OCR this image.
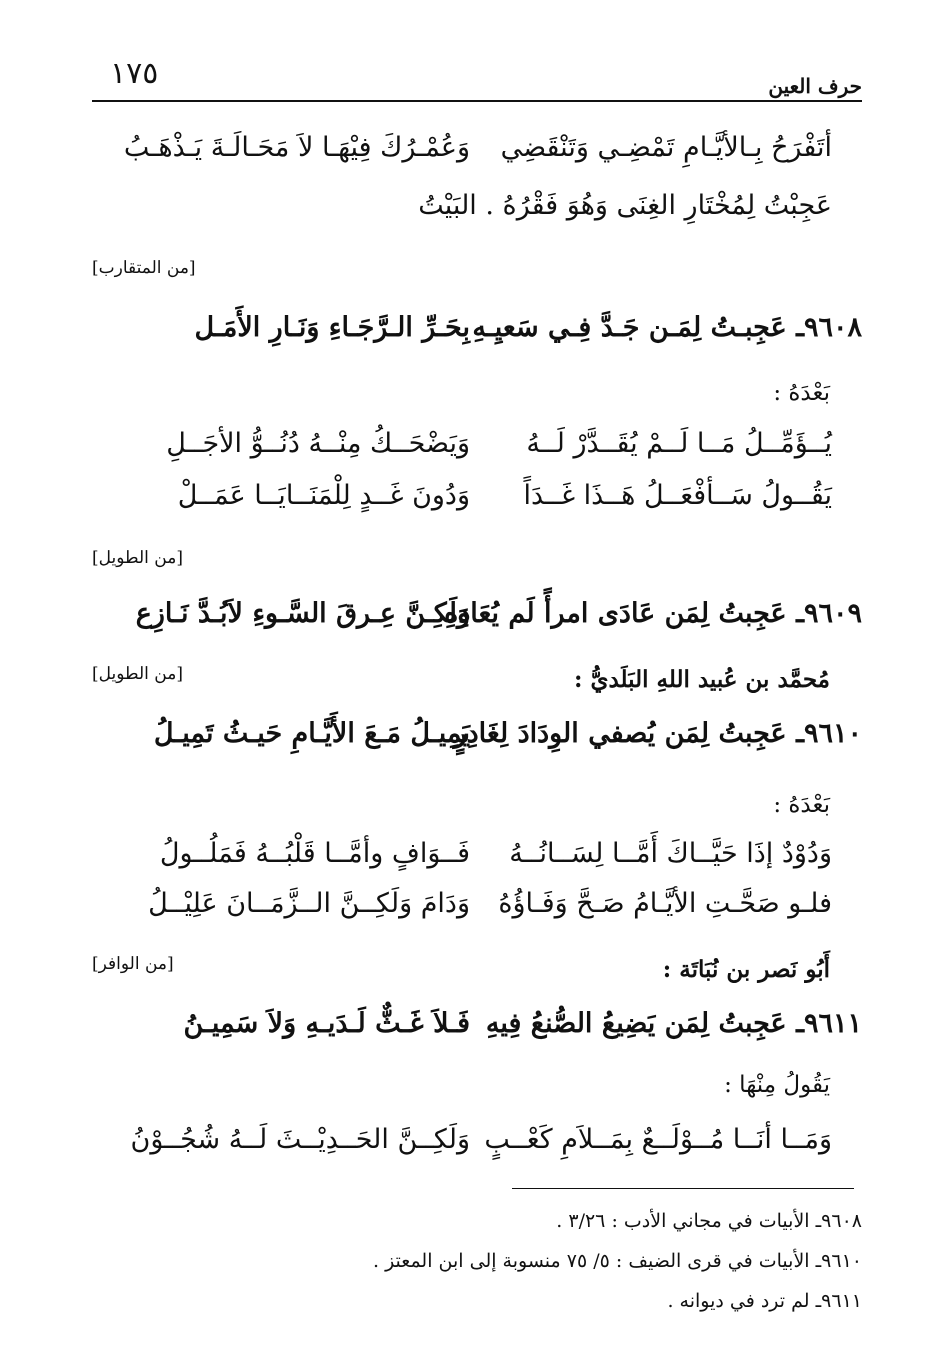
١٧٥	حرف العين
أتَفْرَحُ بِـالأيَّـامِ تَمْضِـي وَتَنْقَضِي
وَعُمْـرُكَ فِيْهَـا لاَ مَحَـالَـةَ يَـذْهَـبُ
عَجِبْتُ لِمُخْتَارِ الغِنَى وَهُوَ فَقْرُهُ . البَيْتُ
[من المتقارب]
٩٦٠٨ـ عَجِبـتُ لِمَـن جَـدَّ فِـي سَعيِـهِ
بِحَـرِّ الـرَّجَـاءِ وَنَـارِ الأَمَـل
بَعْدَهُ :
يُــؤَمِّــلُ مَــا لَــمْ يُقَــدَّرْ لَــهُ
وَيَضْحَــكُ مِنْــهُ دُنُــوُّ الأجَــلِ
يَقُــولُ سَــأفْعَــلُ هَــذَا غَــدَاً
وَدُونَ غَــدٍ لِلْمَنَــايَــا عَمَــلْ
[من الطويل]
٩٦٠٩ـ عَجِبتُ لِمَن عَادَى امرأً لَم يُعَادِهِ
وَلَكِـنَّ عِـرقَ السَّـوءِ لاَبُـدَّ نَـازِع
مُحمَّد بن عُبيد اللهِ البَلَديُّ :
[من الطويل]
٩٦١٠ـ عَجِبتُ لِمَن يُصفي الوِدَادَ لِغَادِرٍ
يَمِيـلُ مَـعَ الأَيَّـامِ حَيـثُ تَمِيـلُ
بَعْدَهُ :
وَدُوْدٌ إذَا حَيَّــاكَ أَمَّــا لِسَــانُــهُ
فَــوَافٍ وأمَّــا قَلْبُــهُ فَمَلُــولُ
فلـو صَحَّـتِ الأيَّـامُ صَـحَّ وَفَـاؤُهُ
وَدَامَ وَلَكِــنَّ الــزَّمَــانَ عَلِيْــلُ
أَبُو نَصر بن نُبَاتَة :
[من الوافر]
٩٦١١ـ عَجِبتُ لِمَن يَضِيعُ الصُّنعُ فِيهِ
فَـلاَ غَـثٌّ لَـدَيـهِ وَلاَ سَمِيـنُ
يَقُولُ مِنْهَا :
وَمَــا أنَــا مُــوْلَــعٌ بِمَــلاَمِ كَعْــبٍ
وَلَكِــنَّ الحَــدِيْــثَ لَــهُ شُجُــوْنُ
٩٦٠٨ـ الأبيات في مجاني الأدب : ٣/٢٦ .
٩٦١٠ـ الأبيات في قرى الضيف : ٥/ ٧٥ منسوبة إلى ابن المعتز .
٩٦١١ـ لم ترد في ديوانه .
